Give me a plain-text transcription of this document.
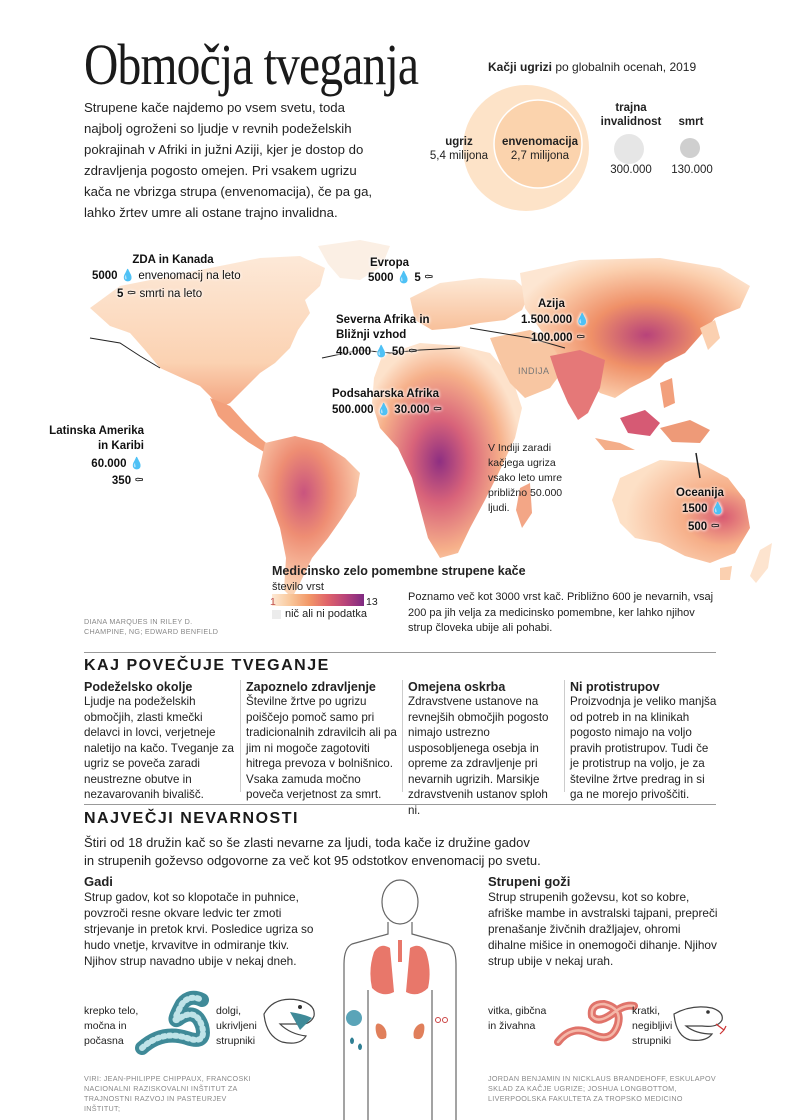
Območja tveganja
Strupene kače najdemo po vsem svetu, toda najbolj ogroženi so ljudje v revnih podeželskih pokrajinah v Afriki in južni Aziji, kjer je dostop do zdravljenja pogosto omejen. Pri vsakem ugrizu kača ne vbrizga strupa (envenomacija), če pa ga, lahko žrtev umre ali ostane trajno invalidna.
Kačji ugrizi po globalnih ocenah, 2019
ugriz
5,4 milijona
envenomacija
2,7 milijona
trajna invalidnost
300.000
smrt
130.000
ZDA in Kanada
5000 💧 envenomacij na leto
5 ⚰ smrti na leto
Evropa
5000 💧 5 ⚰
Severna Afrika in Bližnji vzhod
40.000 💧 50 ⚰
Azija
1.500.000 💧
100.000 ⚰
INDIJA
Podsaharska Afrika
500.000 💧 30.000 ⚰
Latinska Amerika in Karibi
60.000 💧
350 ⚰
Oceanija
1500 💧
500 ⚰
V Indiji zaradi kačjega ugriza vsako leto umre približno 50.000 ljudi.
Medicinsko zelo pomembne strupene kače
število vrst
1	13
nič ali ni podatka
Poznamo več kot 3000 vrst kač. Približno 600 je nevarnih, vsaj 200 pa jih velja za medicinsko pomembne, ker lahko njihov strup človeka ubije ali pohabi.
DIANA MARQUES IN RILEY D. CHAMPINE, NG; EDWARD BENFIELD
KAJ POVEČUJE TVEGANJE
Podeželsko okolje
Ljudje na podeželskih območjih, zlasti kmečki delavci in lovci, verjetneje naletijo na kačo. Tveganje za ugriz se poveča zaradi neustrezne obutve in nezavarovanih bivališč.
Zapoznelo zdravljenje
Številne žrtve po ugrizu poiščejo pomoč samo pri tradicionalnih zdravilcih ali pa jim ni mogoče zagotoviti hitrega prevoza v bolnišnico. Vsaka zamuda močno poveča verjetnost za smrt.
Omejena oskrba
Zdravstvene ustanove na revnejših območjih pogosto nimajo ustrezno usposobljenega osebja in opreme za zdravljenje pri nevarnih ugrizih. Marsikje zdravstvenih ustanov sploh ni.
Ni protistrupov
Proizvodnja je veliko manjša od potreb in na klinikah pogosto nimajo na voljo pravih protistrupov. Tudi če je protistrup na voljo, je za številne žrtve predrag in si ga ne morejo privoščiti.
NAJVEČJI NEVARNOSTI
Štiri od 18 družin kač so še zlasti nevarne za ljudi, toda kače iz družine gadov
in strupenih goževso odgovorne za več kot 95 odstotkov envenomacij po svetu.
Gadi
Strup gadov, kot so klopotače in puhnice, povzroči resne okvare ledvic ter zmoti strjevanje in pretok krvi. Posledice ugriza so hudo vnetje, krvavitve in odmiranje tkiv. Njihov strup navadno ubije v nekaj dneh.
Strupeni goži
Strup strupenih goževsu, kot so kobre, afriške mambe in avstralski tajpani, prepreči prenašanje živčnih dražljajev, ohromi dihalne mišice in onemogoči dihanje. Njihov strup ubije v nekaj urah.
krepko telo, močna in počasna
dolgi, ukrivljeni strupniki
vitka, gibčna in živahna
kratki, negibljivi strupniki
VIRI: JEAN-PHILIPPE CHIPPAUX, FRANCOSKI NACIONALNI RAZISKOVALNI INŠTITUT ZA TRAJNOSTNI RAZVOJ IN PASTEURJEV INŠTITUT;
JORDAN BENJAMIN IN NICKLAUS BRANDEHOFF, ESKULAPOV SKLAD ZA KAČJE UGRIZE; JOSHUA LONGBOTTOM, LIVERPOOLSKA FAKULTETA ZA TROPSKO MEDICINO
